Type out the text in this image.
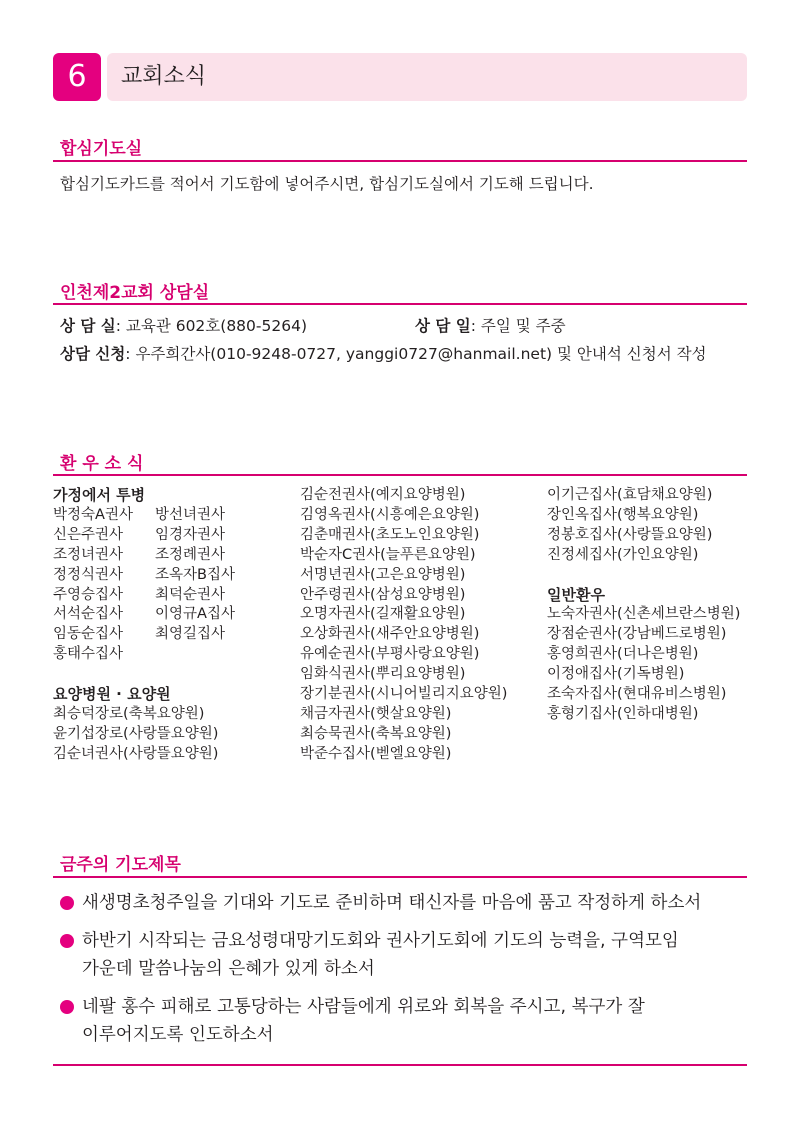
6	교회소식
합심기도실
합심기도카드를 적어서 기도함에 넣어주시면, 합심기도실에서 기도해 드립니다.
인천제2교회 상담실
상 담 실: 교육관 602호(880-5264)	상 담 일: 주일 및 주중
상담 신청: 우주희간사(010-9248-0727, yanggi0727@hanmail.net) 및 안내석 신청서 작성
환 우 소 식
가정에서 투병
박정숙A권사
신은주권사
조정녀권사
정정식권사
주영승집사
서석순집사
임동순집사
홍태수집사
방선녀권사
임경자권사
조정례권사
조옥자B집사
최덕순권사
이영규A집사
최영길집사
요양병원 · 요양원
최승덕장로(축복요양원)
윤기섭장로(사랑뜰요양원)
김순녀권사(사랑뜰요양원)
김순전권사(예지요양병원)
김영옥권사(시흥예은요양원)
김춘매권사(초도노인요양원)
박순자C권사(늘푸른요양원)
서명년권사(고은요양병원)
안주령권사(삼성요양병원)
오명자권사(길재활요양원)
오상화권사(새주안요양병원)
유예순권사(부평사랑요양원)
임화식권사(뿌리요양병원)
장기분권사(시니어빌리지요양원)
채금자권사(햇살요양원)
최승묵권사(축복요양원)
박준수집사(벧엘요양원)
이기근집사(효담채요양원)
장인옥집사(행복요양원)
정봉호집사(사랑뜰요양원)
진정세집사(가인요양원)
일반환우
노숙자권사(신촌세브란스병원)
장점순권사(강남베드로병원)
홍영희권사(더나은병원)
이정애집사(기독병원)
조숙자집사(현대유비스병원)
홍형기집사(인하대병원)
금주의 기도제목
새생명초청주일을 기대와 기도로 준비하며 태신자를 마음에 품고 작정하게 하소서
하반기 시작되는 금요성령대망기도회와 권사기도회에 기도의 능력을, 구역모임
가운데 말씀나눔의 은혜가 있게 하소서
네팔 홍수 피해로 고통당하는 사람들에게 위로와 회복을 주시고, 복구가 잘
이루어지도록 인도하소서
